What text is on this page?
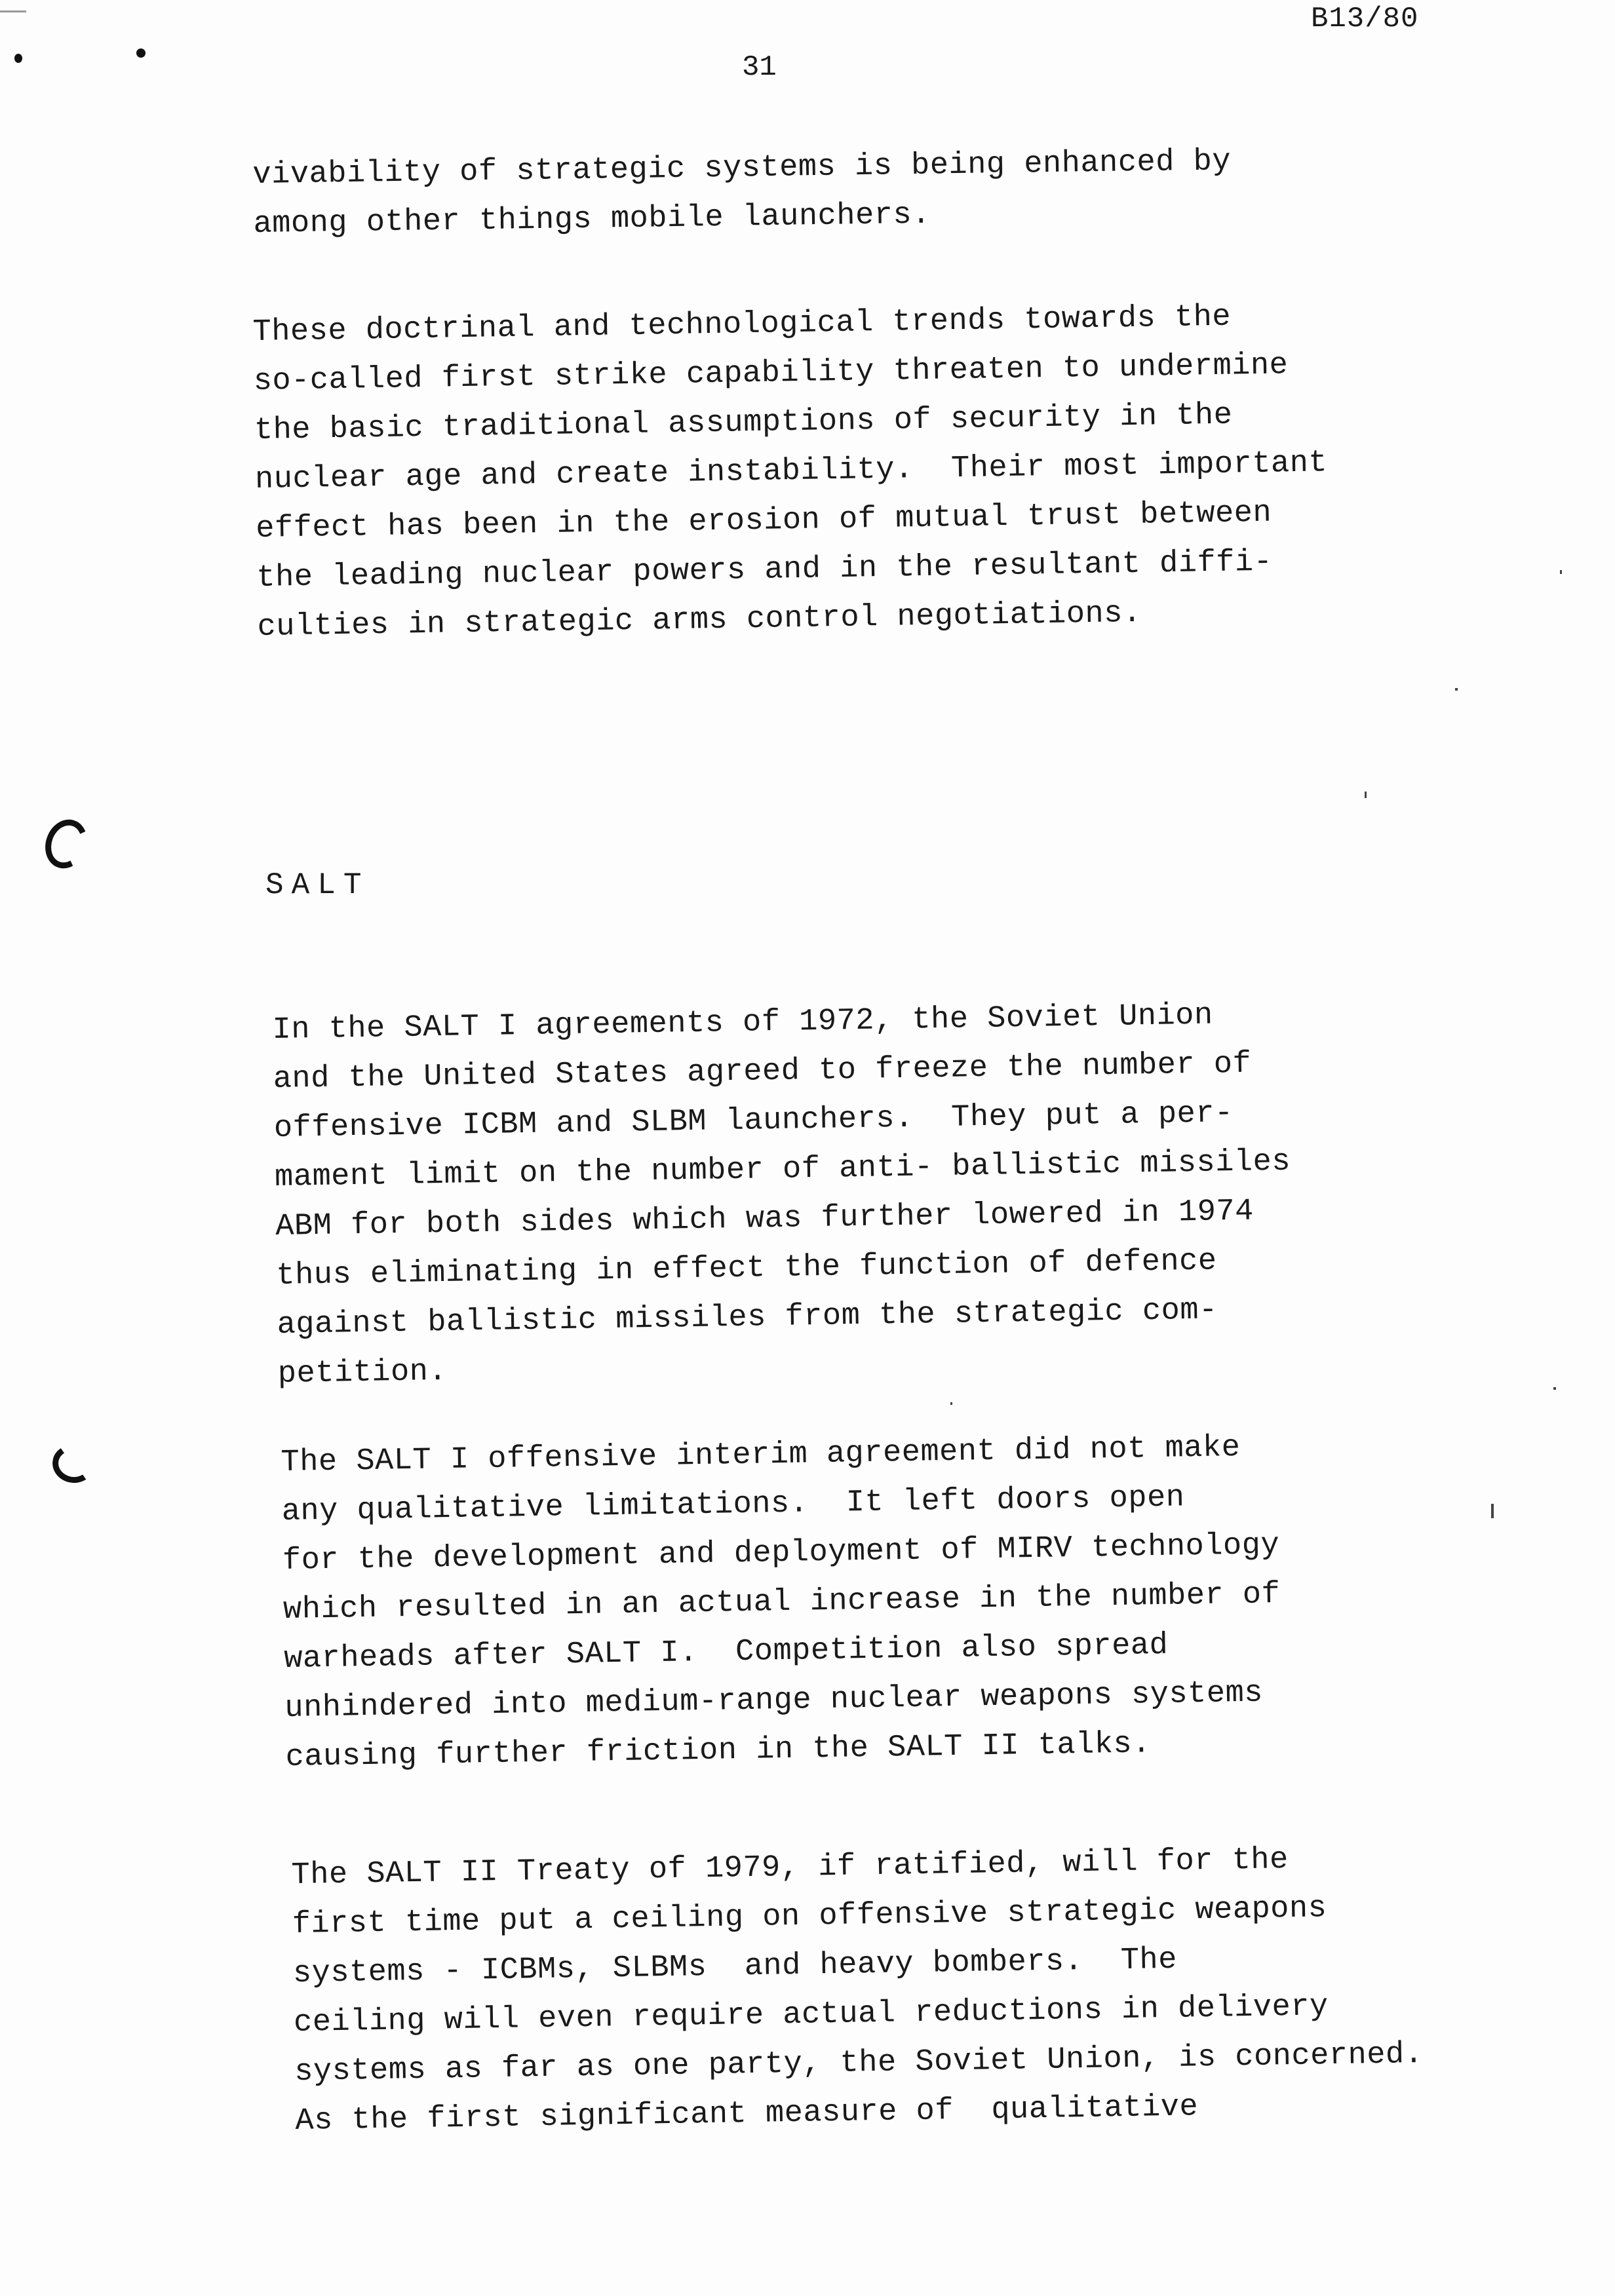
B13/80
31
vivability of strategic systems is being enhanced by
among other things mobile launchers.
These doctrinal and technological trends towards the
so-called first strike capability threaten to undermine
the basic traditional assumptions of security in the
nuclear age and create instability.  Their most important
effect has been in the erosion of mutual trust between
the leading nuclear powers and in the resultant diffi-
culties in strategic arms control negotiations.
SALT
In the SALT I agreements of 1972, the Soviet Union
and the United States agreed to freeze the number of
offensive ICBM and SLBM launchers.  They put a per-
mament limit on the number of anti- ballistic missiles
ABM for both sides which was further lowered in 1974
thus eliminating in effect the function of defence
against ballistic missiles from the strategic com-
petition.
The SALT I offensive interim agreement did not make
any qualitative limitations.  It left doors open
for the development and deployment of MIRV technology
which resulted in an actual increase in the number of
warheads after SALT I.  Competition also spread
unhindered into medium-range nuclear weapons systems
causing further friction in the SALT II talks.
The SALT II Treaty of 1979, if ratified, will for the
first time put a ceiling on offensive strategic weapons
systems - ICBMs, SLBMs  and heavy bombers.  The
ceiling will even require actual reductions in delivery
systems as far as one party, the Soviet Union, is concerned.
As the first significant measure of  qualitative
